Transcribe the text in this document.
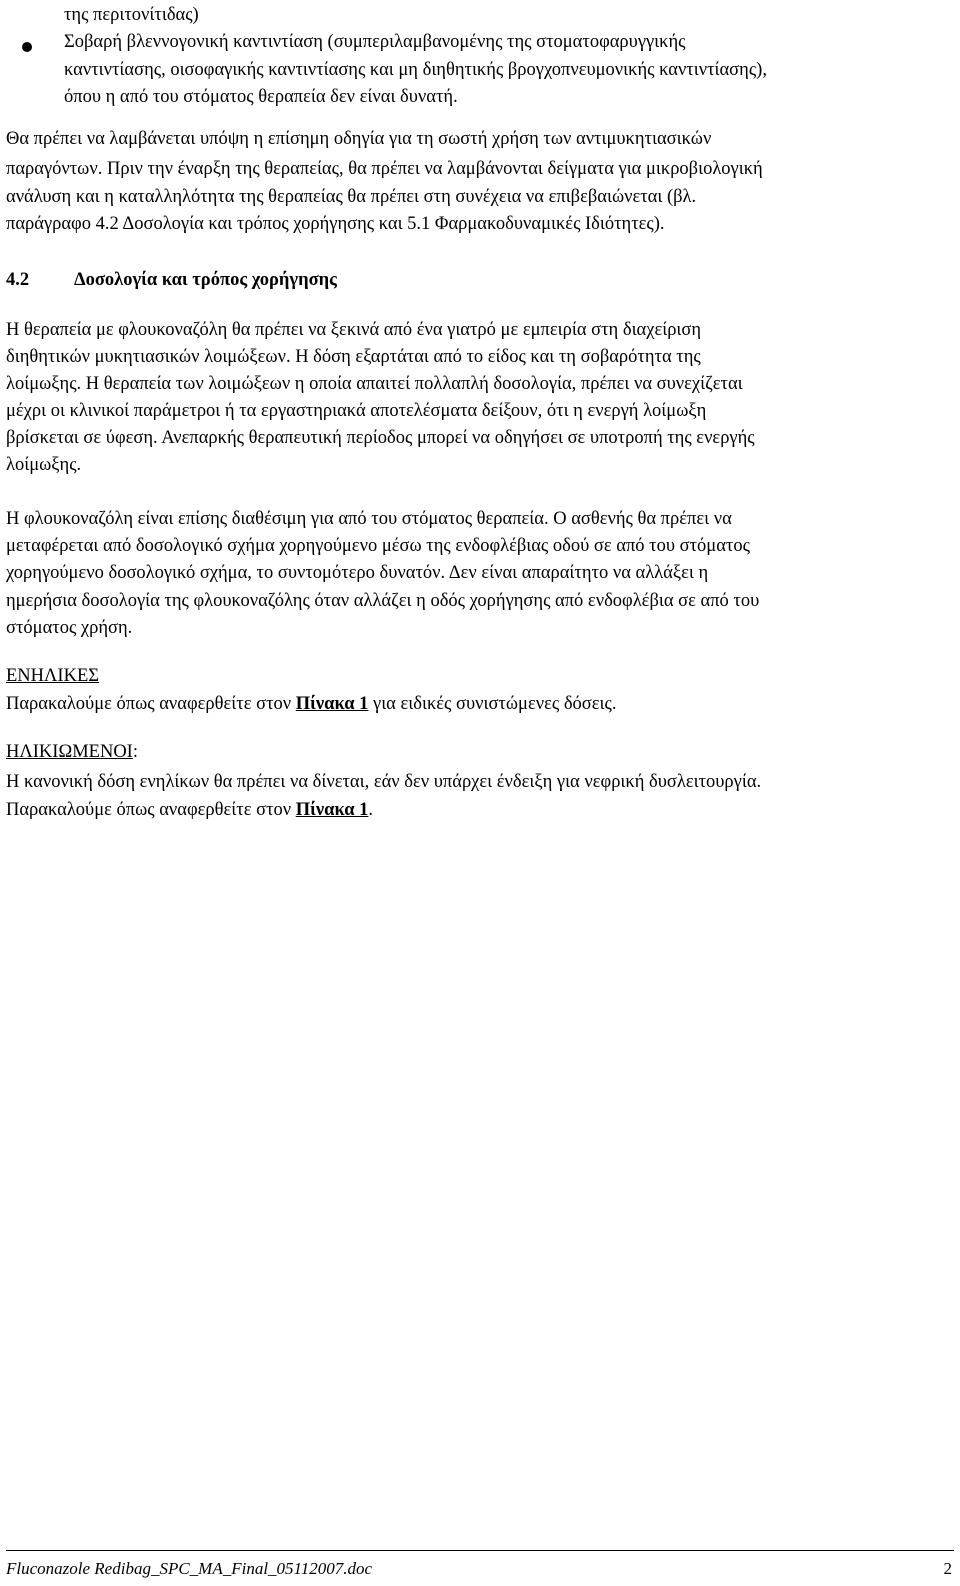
της περιτονίτιδας)
Σοβαρή βλεννογονική καντιντίαση (συμπεριλαμβανομένης της στοματοφαρυγγικής
καντιντίασης, οισοφαγικής καντιντίασης και μη διηθητικής βρογχοπνευμονικής καντιντίασης),
όπου η από του στόματος θεραπεία δεν είναι δυνατή.
Θα πρέπει να λαμβάνεται υπόψη η επίσημη οδηγία για τη σωστή χρήση των αντιμυκητιασικών
παραγόντων. Πριν την έναρξη της θεραπείας, θα πρέπει να λαμβάνονται δείγματα για μικροβιολογική
ανάλυση και η καταλληλότητα της θεραπείας θα πρέπει στη συνέχεια να επιβεβαιώνεται (βλ.
παράγραφο 4.2 Δοσολογία και τρόπος χορήγησης και 5.1 Φαρμακοδυναμικές Ιδιότητες).
4.2 Δοσολογία και τρόπος χορήγησης
Η θεραπεία με φλουκοναζόλη θα πρέπει να ξεκινά από ένα γιατρό με εμπειρία στη διαχείριση
διηθητικών μυκητιασικών λοιμώξεων. Η δόση εξαρτάται από το είδος και τη σοβαρότητα της
λοίμωξης. Η θεραπεία των λοιμώξεων η οποία απαιτεί πολλαπλή δοσολογία, πρέπει να συνεχίζεται
μέχρι οι κλινικοί παράμετροι ή τα εργαστηριακά αποτελέσματα δείξουν, ότι η ενεργή λοίμωξη
βρίσκεται σε ύφεση. Ανεπαρκής θεραπευτική περίοδος μπορεί να οδηγήσει σε υποτροπή της ενεργής
λοίμωξης.
Η φλουκοναζόλη είναι επίσης διαθέσιμη για από του στόματος θεραπεία. Ο ασθενής θα πρέπει να
μεταφέρεται από δοσολογικό σχήμα χορηγούμενο μέσω της ενδοφλέβιας οδού σε από του στόματος
χορηγούμενο δοσολογικό σχήμα, το συντομότερο δυνατόν. Δεν είναι απαραίτητο να αλλάξει η
ημερήσια δοσολογία της φλουκοναζόλης όταν αλλάζει η οδός χορήγησης από ενδοφλέβια σε από του
στόματος χρήση.
ΕΝΗΛΙΚΕΣ
Παρακαλούμε όπως αναφερθείτε στον Πίνακα 1 για ειδικές συνιστώμενες δόσεις.
ΗΛΙΚΙΩΜΕΝΟΙ:
Η κανονική δόση ενηλίκων θα πρέπει να δίνεται, εάν δεν υπάρχει ένδειξη για νεφρική δυσλειτουργία.
Παρακαλούμε όπως αναφερθείτε στον Πίνακα 1.
Fluconazole Redibag_SPC_MA_Final_05112007.doc	2
